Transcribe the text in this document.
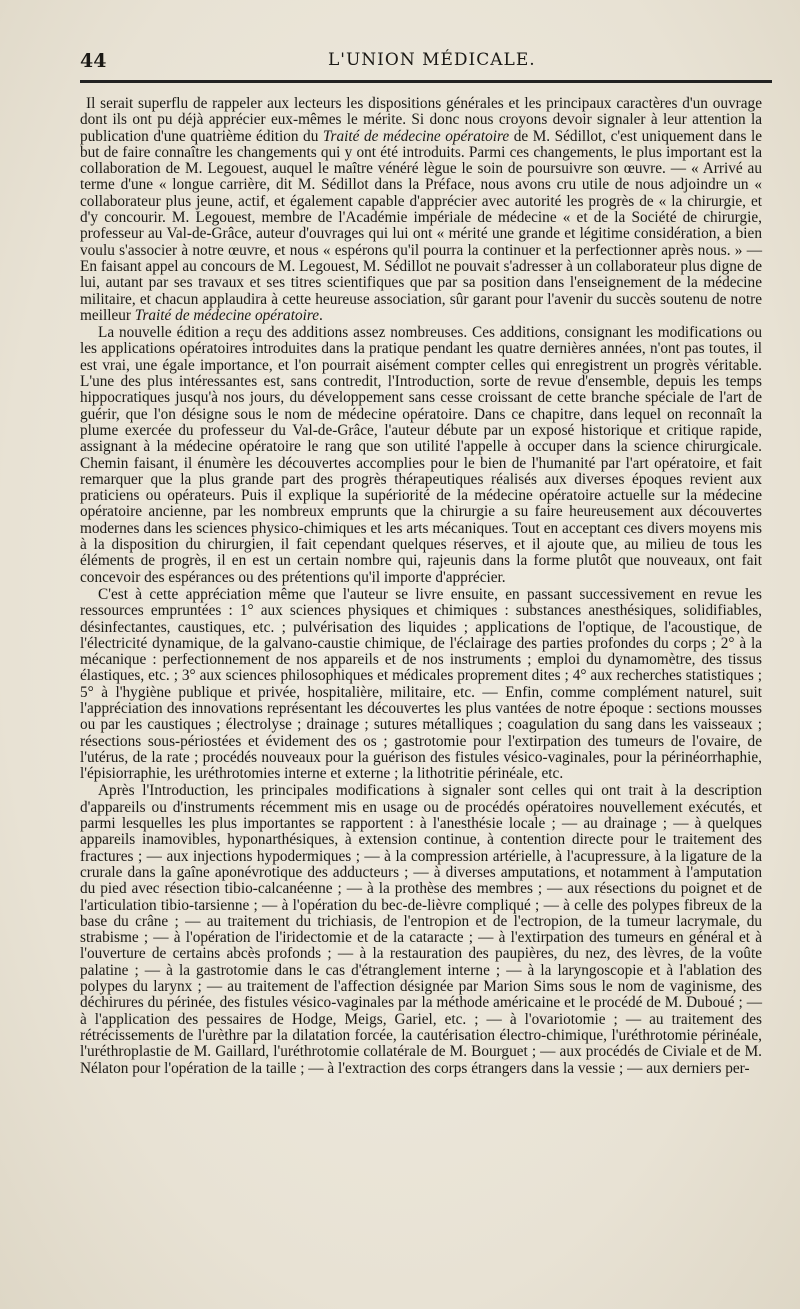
44	L'UNION MÉDICALE.

Il serait superflu de rappeler aux lecteurs les dispositions générales et les principaux caractères d'un ouvrage dont ils ont pu déjà apprécier eux-mêmes le mérite. Si donc nous croyons devoir signaler à leur attention la publication d'une quatrième édition du Traité de médecine opératoire de M. Sédillot, c'est uniquement dans le but de faire connaître les changements qui y ont été introduits. Parmi ces changements, le plus important est la collaboration de M. Legouest, auquel le maître vénéré lègue le soin de poursuivre son œuvre. — « Arrivé au terme d'une « longue carrière, dit M. Sédillot dans la Préface, nous avons cru utile de nous adjoindre un « collaborateur plus jeune, actif, et également capable d'apprécier avec autorité les progrès de « la chirurgie, et d'y concourir. M. Legouest, membre de l'Académie impériale de médecine « et de la Société de chirurgie, professeur au Val-de-Grâce, auteur d'ouvrages qui lui ont « mérité une grande et légitime considération, a bien voulu s'associer à notre œuvre, et nous « espérons qu'il pourra la continuer et la perfectionner après nous. » — En faisant appel au concours de M. Legouest, M. Sédillot ne pouvait s'adresser à un collaborateur plus digne de lui, autant par ses travaux et ses titres scientifiques que par sa position dans l'enseignement de la médecine militaire, et chacun applaudira à cette heureuse association, sûr garant pour l'avenir du succès soutenu de notre meilleur Traité de médecine opératoire.

La nouvelle édition a reçu des additions assez nombreuses. Ces additions, consignant les modifications ou les applications opératoires introduites dans la pratique pendant les quatre dernières années, n'ont pas toutes, il est vrai, une égale importance, et l'on pourrait aisément compter celles qui enregistrent un progrès véritable. L'une des plus intéressantes est, sans contredit, l'Introduction, sorte de revue d'ensemble, depuis les temps hippocratiques jusqu'à nos jours, du développement sans cesse croissant de cette branche spéciale de l'art de guérir, que l'on désigne sous le nom de médecine opératoire. Dans ce chapitre, dans lequel on reconnaît la plume exercée du professeur du Val-de-Grâce, l'auteur débute par un exposé historique et critique rapide, assignant à la médecine opératoire le rang que son utilité l'appelle à occuper dans la science chirurgicale. Chemin faisant, il énumère les découvertes accomplies pour le bien de l'humanité par l'art opératoire, et fait remarquer que la plus grande part des progrès thérapeutiques réalisés aux diverses époques revient aux praticiens ou opérateurs. Puis il explique la supériorité de la médecine opératoire actuelle sur la médecine opératoire ancienne, par les nombreux emprunts que la chirurgie a su faire heureusement aux découvertes modernes dans les sciences physico-chimiques et les arts mécaniques. Tout en acceptant ces divers moyens mis à la disposition du chirurgien, il fait cependant quelques réserves, et il ajoute que, au milieu de tous les éléments de progrès, il en est un certain nombre qui, rajeunis dans la forme plutôt que nouveaux, ont fait concevoir des espérances ou des prétentions qu'il importe d'apprécier.

C'est à cette appréciation même que l'auteur se livre ensuite, en passant successivement en revue les ressources empruntées : 1° aux sciences physiques et chimiques : substances anesthésiques, solidifiables, désinfectantes, caustiques, etc. ; pulvérisation des liquides ; applications de l'optique, de l'acoustique, de l'électricité dynamique, de la galvano-caustie chimique, de l'éclairage des parties profondes du corps ; 2° à la mécanique : perfectionnement de nos appareils et de nos instruments ; emploi du dynamomètre, des tissus élastiques, etc. ; 3° aux sciences philosophiques et médicales proprement dites ; 4° aux recherches statistiques ; 5° à l'hygiène publique et privée, hospitalière, militaire, etc. — Enfin, comme complément naturel, suit l'appréciation des innovations représentant les découvertes les plus vantées de notre époque : sections mousses ou par les caustiques ; électrolyse ; drainage ; sutures métalliques ; coagulation du sang dans les vaisseaux ; résections sous-périostées et évidement des os ; gastrotomie pour l'extirpation des tumeurs de l'ovaire, de l'utérus, de la rate ; procédés nouveaux pour la guérison des fistules vésico-vaginales, pour la périnéorrhaphie, l'épisiorraphie, les uréthrotomies interne et externe ; la lithotritie périnéale, etc.

Après l'Introduction, les principales modifications à signaler sont celles qui ont trait à la description d'appareils ou d'instruments récemment mis en usage ou de procédés opératoires nouvellement exécutés, et parmi lesquelles les plus importantes se rapportent : à l'anesthésie locale ; — au drainage ; — à quelques appareils inamovibles, hyponarthésiques, à extension continue, à contention directe pour le traitement des fractures ; — aux injections hypodermiques ; — à la compression artérielle, à l'acupressure, à la ligature de la crurale dans la gaîne aponévrotique des adducteurs ; — à diverses amputations, et notamment à l'amputation du pied avec résection tibio-calcanéenne ; — à la prothèse des membres ; — aux résections du poignet et de l'articulation tibio-tarsienne ; — à l'opération du bec-de-lièvre compliqué ; — à celle des polypes fibreux de la base du crâne ; — au traitement du trichiasis, de l'entropion et de l'ectropion, de la tumeur lacrymale, du strabisme ; — à l'opération de l'iridectomie et de la cataracte ; — à l'extirpation des tumeurs en général et à l'ouverture de certains abcès profonds ; — à la restauration des paupières, du nez, des lèvres, de la voûte palatine ; — à la gastrotomie dans le cas d'étranglement interne ; — à la laryngoscopie et à l'ablation des polypes du larynx ; — au traitement de l'affection désignée par Marion Sims sous le nom de vaginisme, des déchirures du périnée, des fistules vésico-vaginales par la méthode américaine et le procédé de M. Duboué ; — à l'application des pessaires de Hodge, Meigs, Gariel, etc. ; — à l'ovariotomie ; — au traitement des rétrécissements de l'urèthre par la dilatation forcée, la cautérisation électro-chimique, l'uréthrotomie périnéale, l'uréthroplastie de M. Gaillard, l'uréthrotomie collatérale de M. Bourguet ; — aux procédés de Civiale et de M. Nélaton pour l'opération de la taille ; — à l'extraction des corps étrangers dans la vessie ; — aux derniers per-
